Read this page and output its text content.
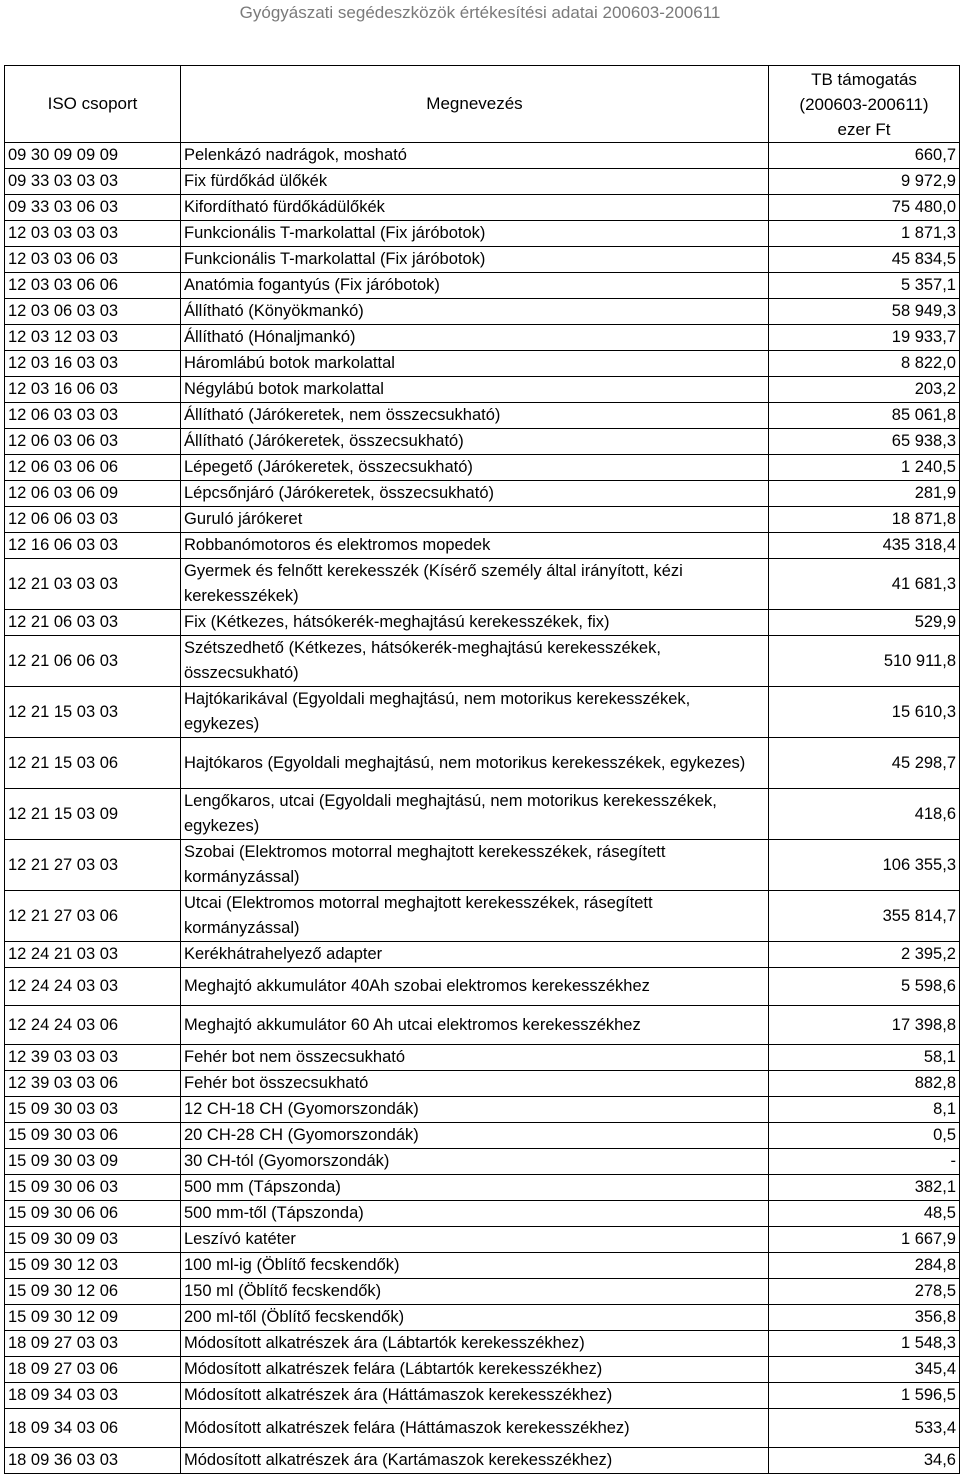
Gyógyászati segédeszközök értékesítési adatai 200603-200611
ISO csoport	Megnevezés	TB támogatás
(200603-200611)
ezer Ft
09 30 09 09 09	Pelenkázó nadrágok, mosható	660,7
09 33 03 03 03	Fix fürdőkád ülőkék	9 972,9
09 33 03 06 03	Kifordítható fürdőkádülőkék	75 480,0
12 03 03 03 03	Funkcionális T-markolattal (Fix járóbotok)	1 871,3
12 03 03 06 03	Funkcionális T-markolattal (Fix járóbotok)	45 834,5
12 03 03 06 06	Anatómia fogantyús (Fix járóbotok)	5 357,1
12 03 06 03 03	Állítható (Könyökmankó)	58 949,3
12 03 12 03 03	Állítható (Hónaljmankó)	19 933,7
12 03 16 03 03	Háromlábú botok markolattal	8 822,0
12 03 16 06 03	Négylábú botok markolattal	203,2
12 06 03 03 03	Állítható (Járókeretek, nem összecsukható)	85 061,8
12 06 03 06 03	Állítható (Járókeretek, összecsukható)	65 938,3
12 06 03 06 06	Lépegető (Járókeretek, összecsukható)	1 240,5
12 06 03 06 09	Lépcsőnjáró (Járókeretek, összecsukható)	281,9
12 06 06 03 03	Guruló járókeret	18 871,8
12 16 06 03 03	Robbanómotoros és elektromos mopedek	435 318,4
12 21 03 03 03	Gyermek és felnőtt kerekesszék (Kísérő személy által irányított, kézi kerekesszékek)	41 681,3
12 21 06 03 03	Fix (Kétkezes, hátsókerék-meghajtású kerekesszékek, fix)	529,9
12 21 06 06 03	Szétszedhető (Kétkezes, hátsókerék-meghajtású kerekesszékek, összecsukható)	510 911,8
12 21 15 03 03	Hajtókarikával (Egyoldali meghajtású, nem motorikus kerekesszékek, egykezes)	15 610,3
12 21 15 03 06	Hajtókaros (Egyoldali meghajtású, nem motorikus kerekesszékek, egykezes)	45 298,7
12 21 15 03 09	Lengőkaros, utcai (Egyoldali meghajtású, nem motorikus kerekesszékek, egykezes)	418,6
12 21 27 03 03	Szobai (Elektromos motorral meghajtott kerekesszékek, rásegített kormányzással)	106 355,3
12 21 27 03 06	Utcai (Elektromos motorral meghajtott kerekesszékek, rásegített kormányzással)	355 814,7
12 24 21 03 03	Kerékhátrahelyező adapter	2 395,2
12 24 24 03 03	Meghajtó akkumulátor 40Ah szobai elektromos kerekesszékhez	5 598,6
12 24 24 03 06	Meghajtó akkumulátor 60 Ah utcai elektromos kerekesszékhez	17 398,8
12 39 03 03 03	Fehér bot nem összecsukható	58,1
12 39 03 03 06	Fehér bot összecsukható	882,8
15 09 30 03 03	12 CH-18 CH (Gyomorszondák)	8,1
15 09 30 03 06	20 CH-28 CH (Gyomorszondák)	0,5
15 09 30 03 09	30 CH-tól (Gyomorszondák)	-
15 09 30 06 03	500 mm (Tápszonda)	382,1
15 09 30 06 06	500 mm-től (Tápszonda)	48,5
15 09 30 09 03	Leszívó katéter	1 667,9
15 09 30 12 03	100 ml-ig (Öblítő fecskendők)	284,8
15 09 30 12 06	150 ml (Öblítő fecskendők)	278,5
15 09 30 12 09	200 ml-től (Öblítő fecskendők)	356,8
18 09 27 03 03	Módosított alkatrészek ára (Lábtartók kerekesszékhez)	1 548,3
18 09 27 03 06	Módosított alkatrészek felára (Lábtartók kerekesszékhez)	345,4
18 09 34 03 03	Módosított alkatrészek ára (Háttámaszok kerekesszékhez)	1 596,5
18 09 34 03 06	Módosított alkatrészek felára (Háttámaszok kerekesszékhez)	533,4
18 09 36 03 03	Módosított alkatrészek ára (Kartámaszok kerekesszékhez)	34,6
